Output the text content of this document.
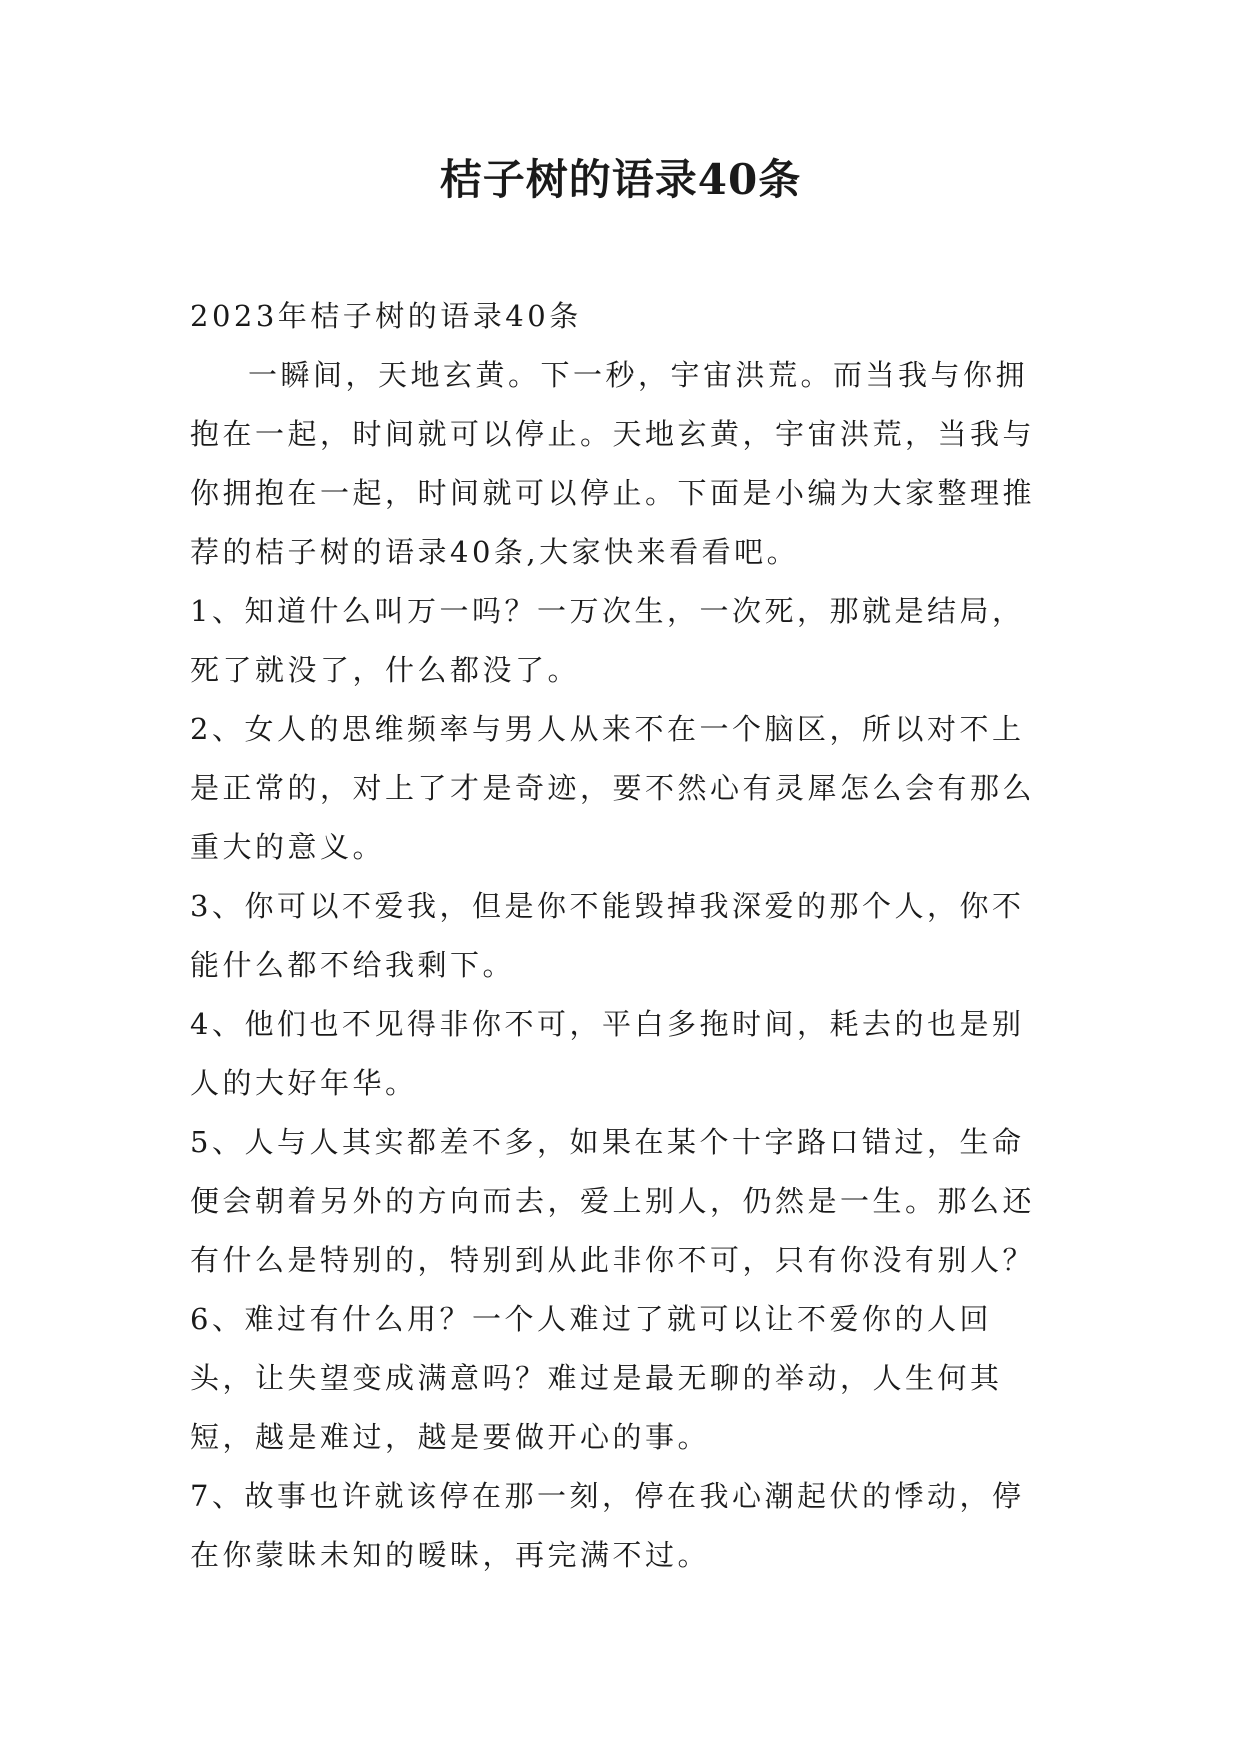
桔子树的语录40条

2023年桔子树的语录40条

一瞬间，天地玄黄。下一秒，宇宙洪荒。而当我与你拥抱在一起，时间就可以停止。天地玄黄，宇宙洪荒，当我与你拥抱在一起，时间就可以停止。下面是小编为大家整理推荐的桔子树的语录40条,大家快来看看吧。

1、知道什么叫万一吗？一万次生，一次死，那就是结局，死了就没了，什么都没了。

2、女人的思维频率与男人从来不在一个脑区，所以对不上是正常的，对上了才是奇迹，要不然心有灵犀怎么会有那么重大的意义。

3、你可以不爱我，但是你不能毁掉我深爱的那个人，你不能什么都不给我剩下。

4、他们也不见得非你不可，平白多拖时间，耗去的也是别人的大好年华。

5、人与人其实都差不多，如果在某个十字路口错过，生命便会朝着另外的方向而去，爱上别人，仍然是一生。那么还有什么是特别的，特别到从此非你不可，只有你没有别人？

6、难过有什么用？一个人难过了就可以让不爱你的人回头，让失望变成满意吗？难过是最无聊的举动，人生何其短，越是难过，越是要做开心的事。

7、故事也许就该停在那一刻，停在我心潮起伏的悸动，停在你蒙昧未知的暧昧，再完满不过。
